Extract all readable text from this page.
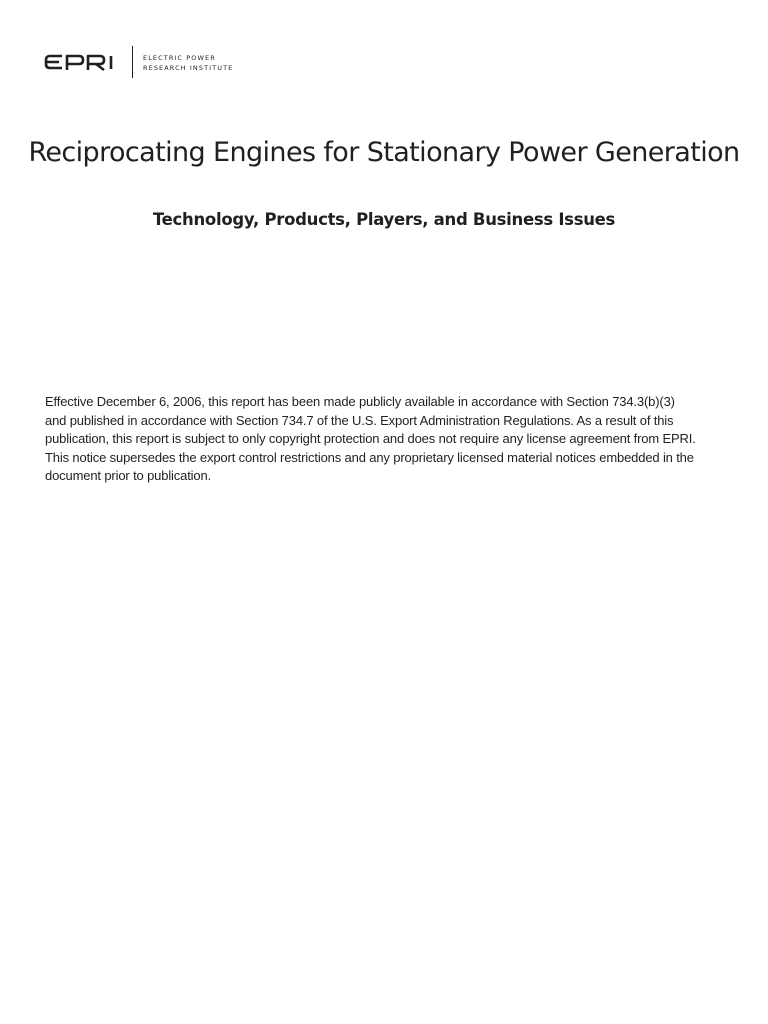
ELECTRIC POWER
RESEARCH INSTITUTE
Reciprocating Engines for Stationary Power Generation
Technology, Products, Players, and Business Issues

Effective December 6, 2006, this report has been made publicly available in accordance with Section 734.3(b)(3)
and published in accordance with Section 734.7 of the U.S. Export Administration Regulations. As a result of this
publication, this report is subject to only copyright protection and does not require any license agreement from EPRI.
This notice supersedes the export control restrictions and any proprietary licensed material notices embedded in the
document prior to publication.
